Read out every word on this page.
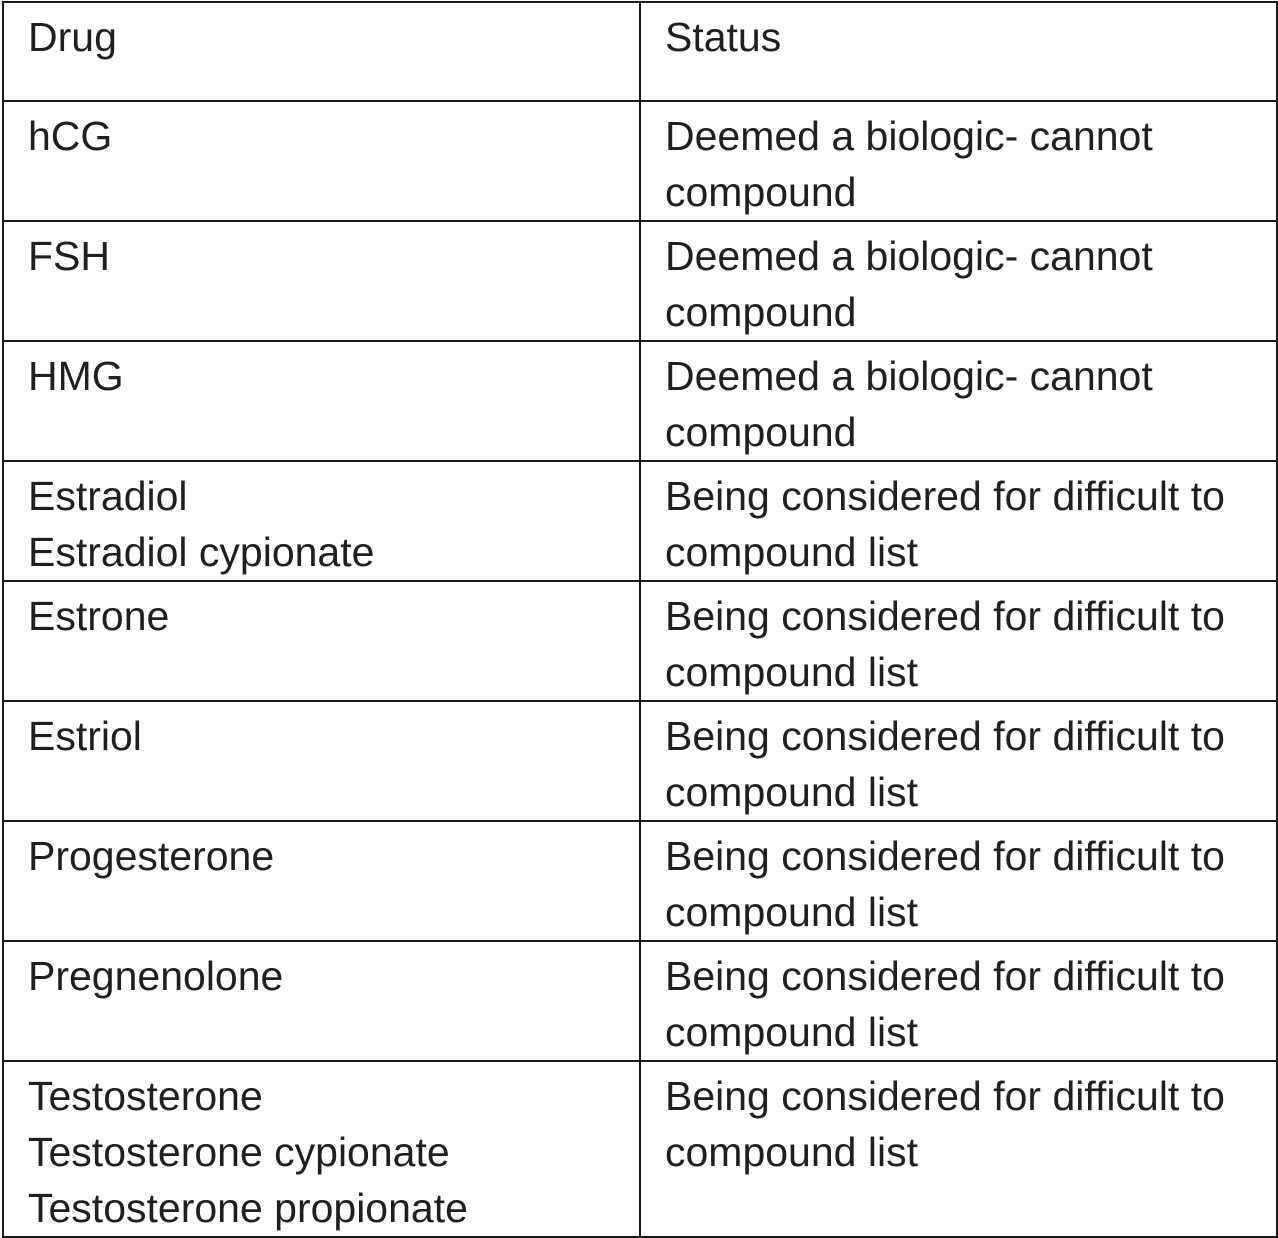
Drug	Status

hCG	Deemed a biologic- cannot compound

FSH	Deemed a biologic- cannot compound

HMG	Deemed a biologic- cannot compound

Estradiol
Estradiol cypionate	Being considered for difficult to compound list

Estrone	Being considered for difficult to compound list

Estriol	Being considered for difficult to compound list

Progesterone	Being considered for difficult to compound list

Pregnenolone	Being considered for difficult to compound list

Testosterone
Testosterone cypionate
Testosterone propionate	Being considered for difficult to compound list
